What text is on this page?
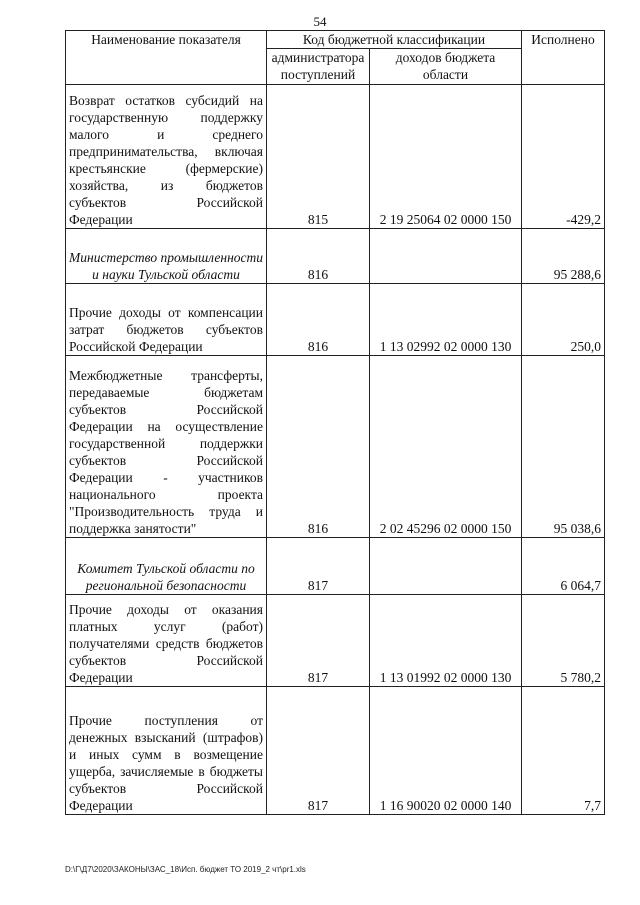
54
Наименование показателя	Код бюджетной классификации		Исполнено
	администратора поступлений	доходов бюджета области	
Возврат остатков субсидий на государственную поддержку малого и среднего предпринимательства, включая крестьянские (фермерские) хозяйства, из бюджетов субъектов Российской Федерации	815	2 19 25064 02 0000 150	-429,2
Министерство промышленности и науки Тульской области	816		95 288,6
Прочие доходы от компенсации затрат бюджетов субъектов Российской Федерации	816	1 13 02992 02 0000 130	250,0
Межбюджетные трансферты, передаваемые бюджетам субъектов Российской Федерации на осуществление государственной поддержки субъектов Российской Федерации - участников национального проекта "Производительность труда и поддержка занятости"	816	2 02 45296 02 0000 150	95 038,6
Комитет Тульской области по региональной безопасности	817		6 064,7
Прочие доходы от оказания платных услуг (работ) получателями средств бюджетов субъектов Российской Федерации	817	1 13 01992 02 0000 130	5 780,2
Прочие поступления от денежных взысканий (штрафов) и иных сумм в возмещение ущерба, зачисляемые в бюджеты субъектов Российской Федерации	817	1 16 90020 02 0000 140	7,7
D:\Г\Д7\2020\ЗАКОНЫ\ЗАС_18\Исп. бюджет ТО 2019_2 чт\pr1.xls
